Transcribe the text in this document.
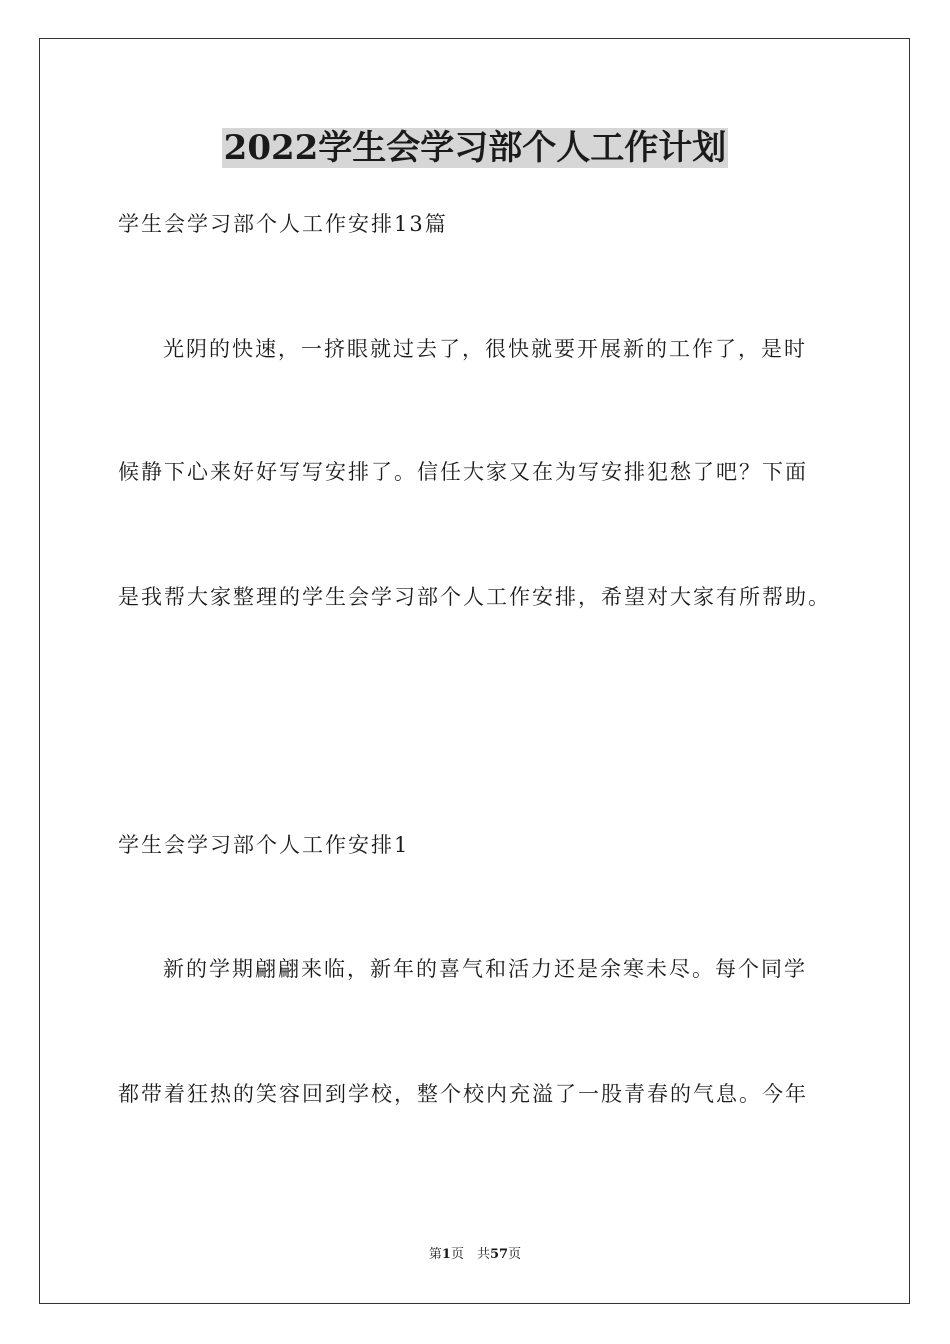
2022学生会学习部个人工作计划

学生会学习部个人工作安排13篇

光阴的快速，一挤眼就过去了，很快就要开展新的工作了，是时

候静下心来好好写写安排了。信任大家又在为写安排犯愁了吧？下面

是我帮大家整理的学生会学习部个人工作安排，希望对大家有所帮助。

学生会学习部个人工作安排1

新的学期翩翩来临，新年的喜气和活力还是余寒未尽。每个同学

都带着狂热的笑容回到学校，整个校内充溢了一股青春的气息。今年

第1页　共57页
